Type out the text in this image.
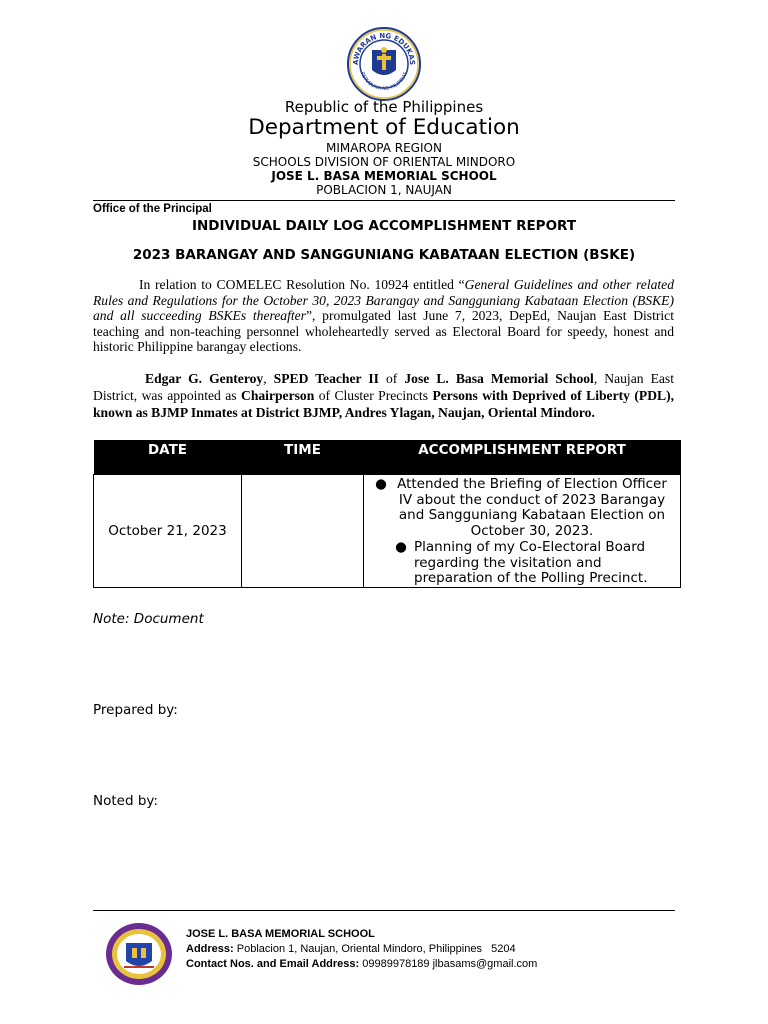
AWARAN NG EDUKAS
REPUBLIKA NG PILIPINAS
Republic of the Philippines
Department of Education
MIMAROPA REGION
SCHOOLS DIVISION OF ORIENTAL MINDORO
JOSE L. BASA MEMORIAL SCHOOL
POBLACION 1, NAUJAN
Office of the Principal
INDIVIDUAL DAILY LOG ACCOMPLISHMENT REPORT
2023 BARANGAY AND SANGGUNIANG KABATAAN ELECTION (BSKE)
In relation to COMELEC Resolution No. 10924 entitled “General Guidelines and other related Rules and Regulations for the October 30, 2023 Barangay and Sangguniang Kabataan Election (BSKE) and all succeeding BSKEs thereafter”, promulgated last June 7, 2023, DepEd, Naujan East District teaching and non-teaching personnel wholeheartedly served as Electoral Board for speedy, honest and historic Philippine barangay elections.
Edgar G. Genteroy, SPED Teacher II of Jose L. Basa Memorial School, Naujan East District, was appointed as Chairperson of Cluster Precincts Persons with Deprived of Liberty (PDL), known as BJMP Inmates at District BJMP, Andres Ylagan, Naujan, Oriental Mindoro.
DATE	TIME	ACCOMPLISHMENT REPORT
October 21, 2023		● Attended the Briefing of Election Officer IV about the conduct of 2023 Barangay and Sangguniang Kabataan Election on October 30, 2023.
● Planning of my Co-Electoral Board regarding the visitation and preparation of the Polling Precinct.
Note: Document
Prepared by:
Noted by:
JOSE L. BASA MEMORIAL SCHOOL
Address: Poblacion 1, Naujan, Oriental Mindoro, Philippines   5204
Contact Nos. and Email Address: 09989978189 jlbasams@gmail.com
